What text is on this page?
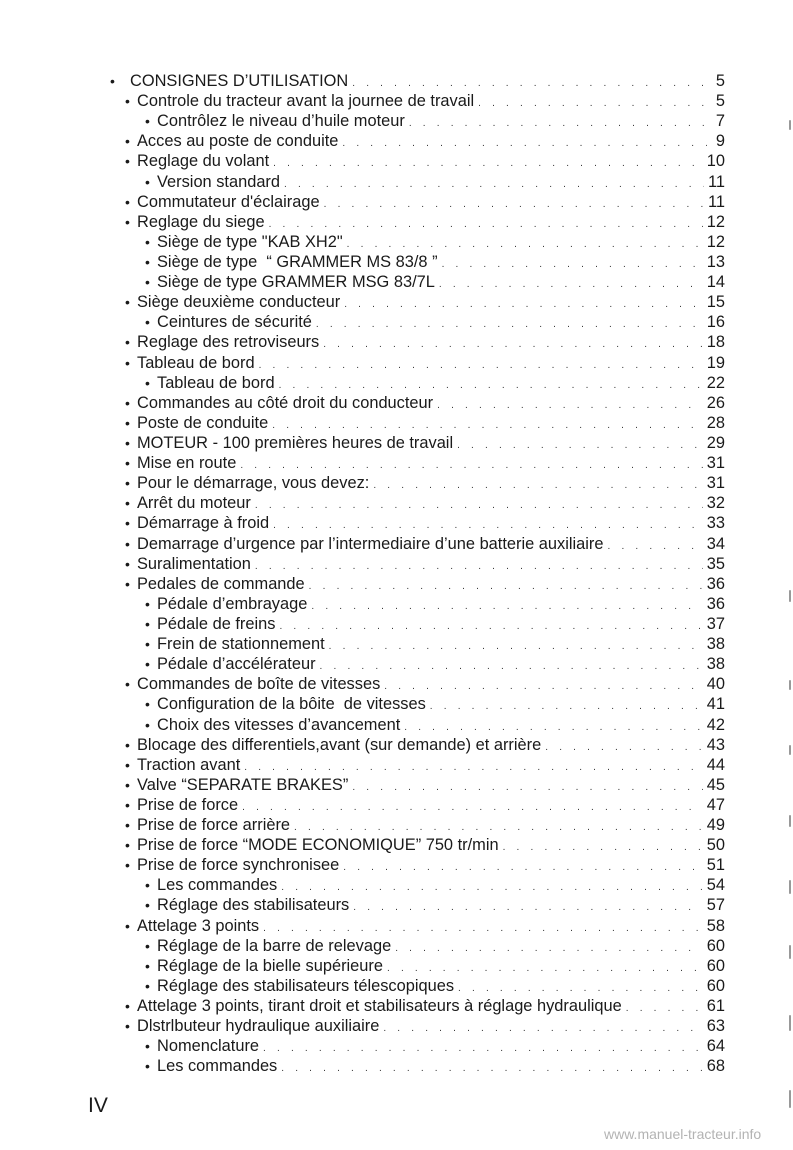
• CONSIGNES D’UTILISATION . . .	5
• Controle du tracteur avant la journee de travail . . .	5
• Contrôlez le niveau d’huile moteur . . .	7
• Acces au poste de conduite . . .	9
• Reglage du volant . . .	10
• Version standard . . .	11
• Commutateur d'éclairage . . .	11
• Reglage du siege . . .	12
• Siège de type "KAB XH2" . . .	12
• Siège de type  “ GRAMMER MS 83/8 ” . . .	13
• Siège de type GRAMMER MSG 83/7L . . .	14
• Siège deuxième conducteur . . .	15
• Ceintures de sécurité . . .	16
• Reglage des retroviseurs . . .	18
• Tableau de bord . . .	19
• Tableau de bord . . .	22
• Commandes au côté droit du conducteur . . .	26
• Poste de conduite . . .	28
• MOTEUR - 100 premières heures de travail . . .	29
• Mise en route . . .	31
• Pour le démarrage, vous devez: . . .	31
• Arrêt du moteur . . .	32
• Démarrage à froid . . .	33
• Demarrage d’urgence par l’intermediaire d’une batterie auxiliaire . . .	34
• Suralimentation . . .	35
• Pedales de commande . . .	36
• Pédale d’embrayage . . .	36
• Pédale de freins . . .	37
• Frein de stationnement . . .	38
• Pédale d’accélérateur . . .	38
• Commandes de boîte de vitesses . . .	40
• Configuration de la bôite  de vitesses . . .	41
• Choix des vitesses d’avancement . . .	42
• Blocage des differentiels,avant (sur demande) et arrière . . .	43
• Traction avant . . .	44
• Valve “SEPARATE BRAKES” . . .	45
• Prise de force . . .	47
• Prise de force arrière . . .	49
• Prise de force “MODE ECONOMIQUE” 750 tr/min . . .	50
• Prise de force synchronisee . . .	51
• Les commandes . . .	54
• Réglage des stabilisateurs . . .	57
• Attelage 3 points . . .	58
• Réglage de la barre de relevage . . .	60
• Réglage de la bielle supérieure . . .	60
• Réglage des stabilisateurs télescopiques . . .	60
• Attelage 3 points, tirant droit et stabilisateurs à réglage hydraulique . . .	61
• Dlstrlbuteur hydraulique auxiliaire . . .	63
• Nomenclature . . .	64
• Les commandes . . .	68
IV
www.manuel-tracteur.info
